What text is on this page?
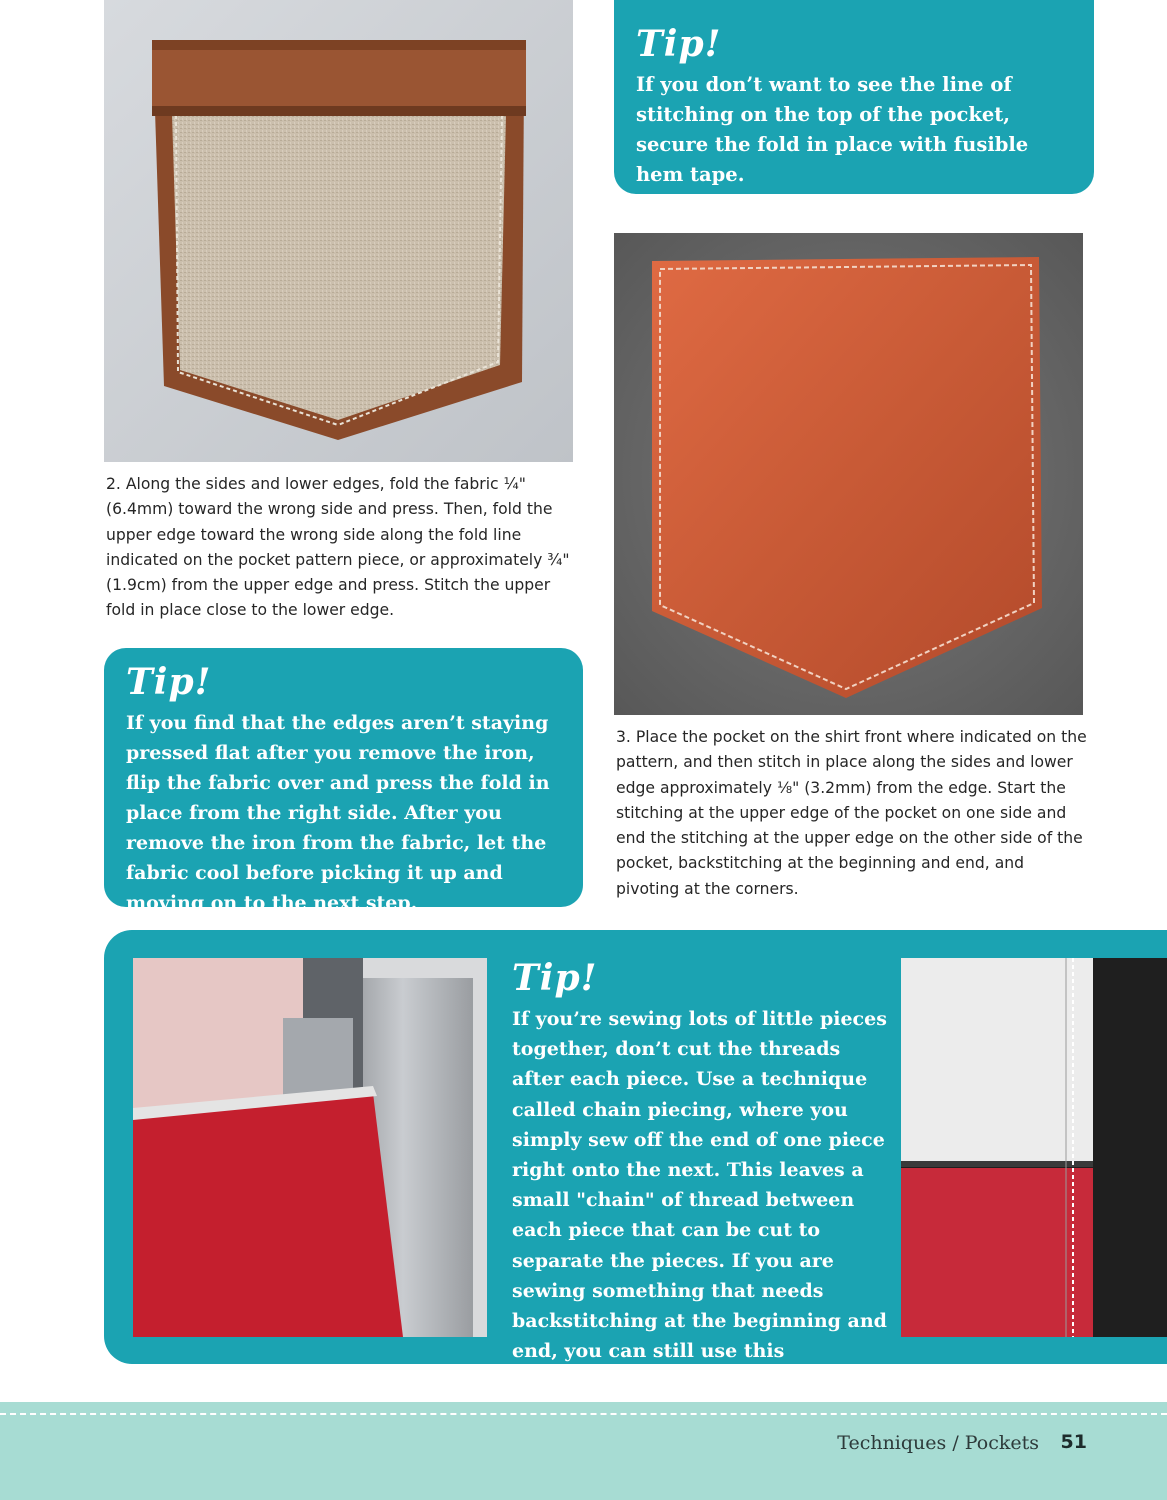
Tip!

If you don’t want to see the line of stitching on the top of the pocket, secure the fold in place with fusible hem tape.

2. Along the sides and lower edges, fold the fabric ¼" (6.4mm) toward the wrong side and press. Then, fold the upper edge toward the wrong side along the fold line indicated on the pocket pattern piece, or approximately ¾" (1.9cm) from the upper edge and press. Stitch the upper fold in place close to the lower edge.

Tip!

If you find that the edges aren’t staying pressed flat after you remove the iron, flip the fabric over and press the fold in place from the right side. After you remove the iron from the fabric, let the fabric cool before picking it up and moving on to the next step.

3. Place the pocket on the shirt front where indicated on the pattern, and then stitch in place along the sides and lower edge approximately ⅛" (3.2mm) from the edge. Start the stitching at the upper edge of the pocket on one side and end the stitching at the upper edge on the other side of the pocket, backstitching at the beginning and end, and pivoting at the corners.

Tip!

If you’re sewing lots of little pieces together, don’t cut the threads after each piece. Use a technique called chain piecing, where you simply sew off the end of one piece right onto the next. This leaves a small "chain" of thread between each piece that can be cut to separate the pieces. If you are sewing something that needs backstitching at the beginning and end, you can still use this technique.

Techniques / Pockets 51
